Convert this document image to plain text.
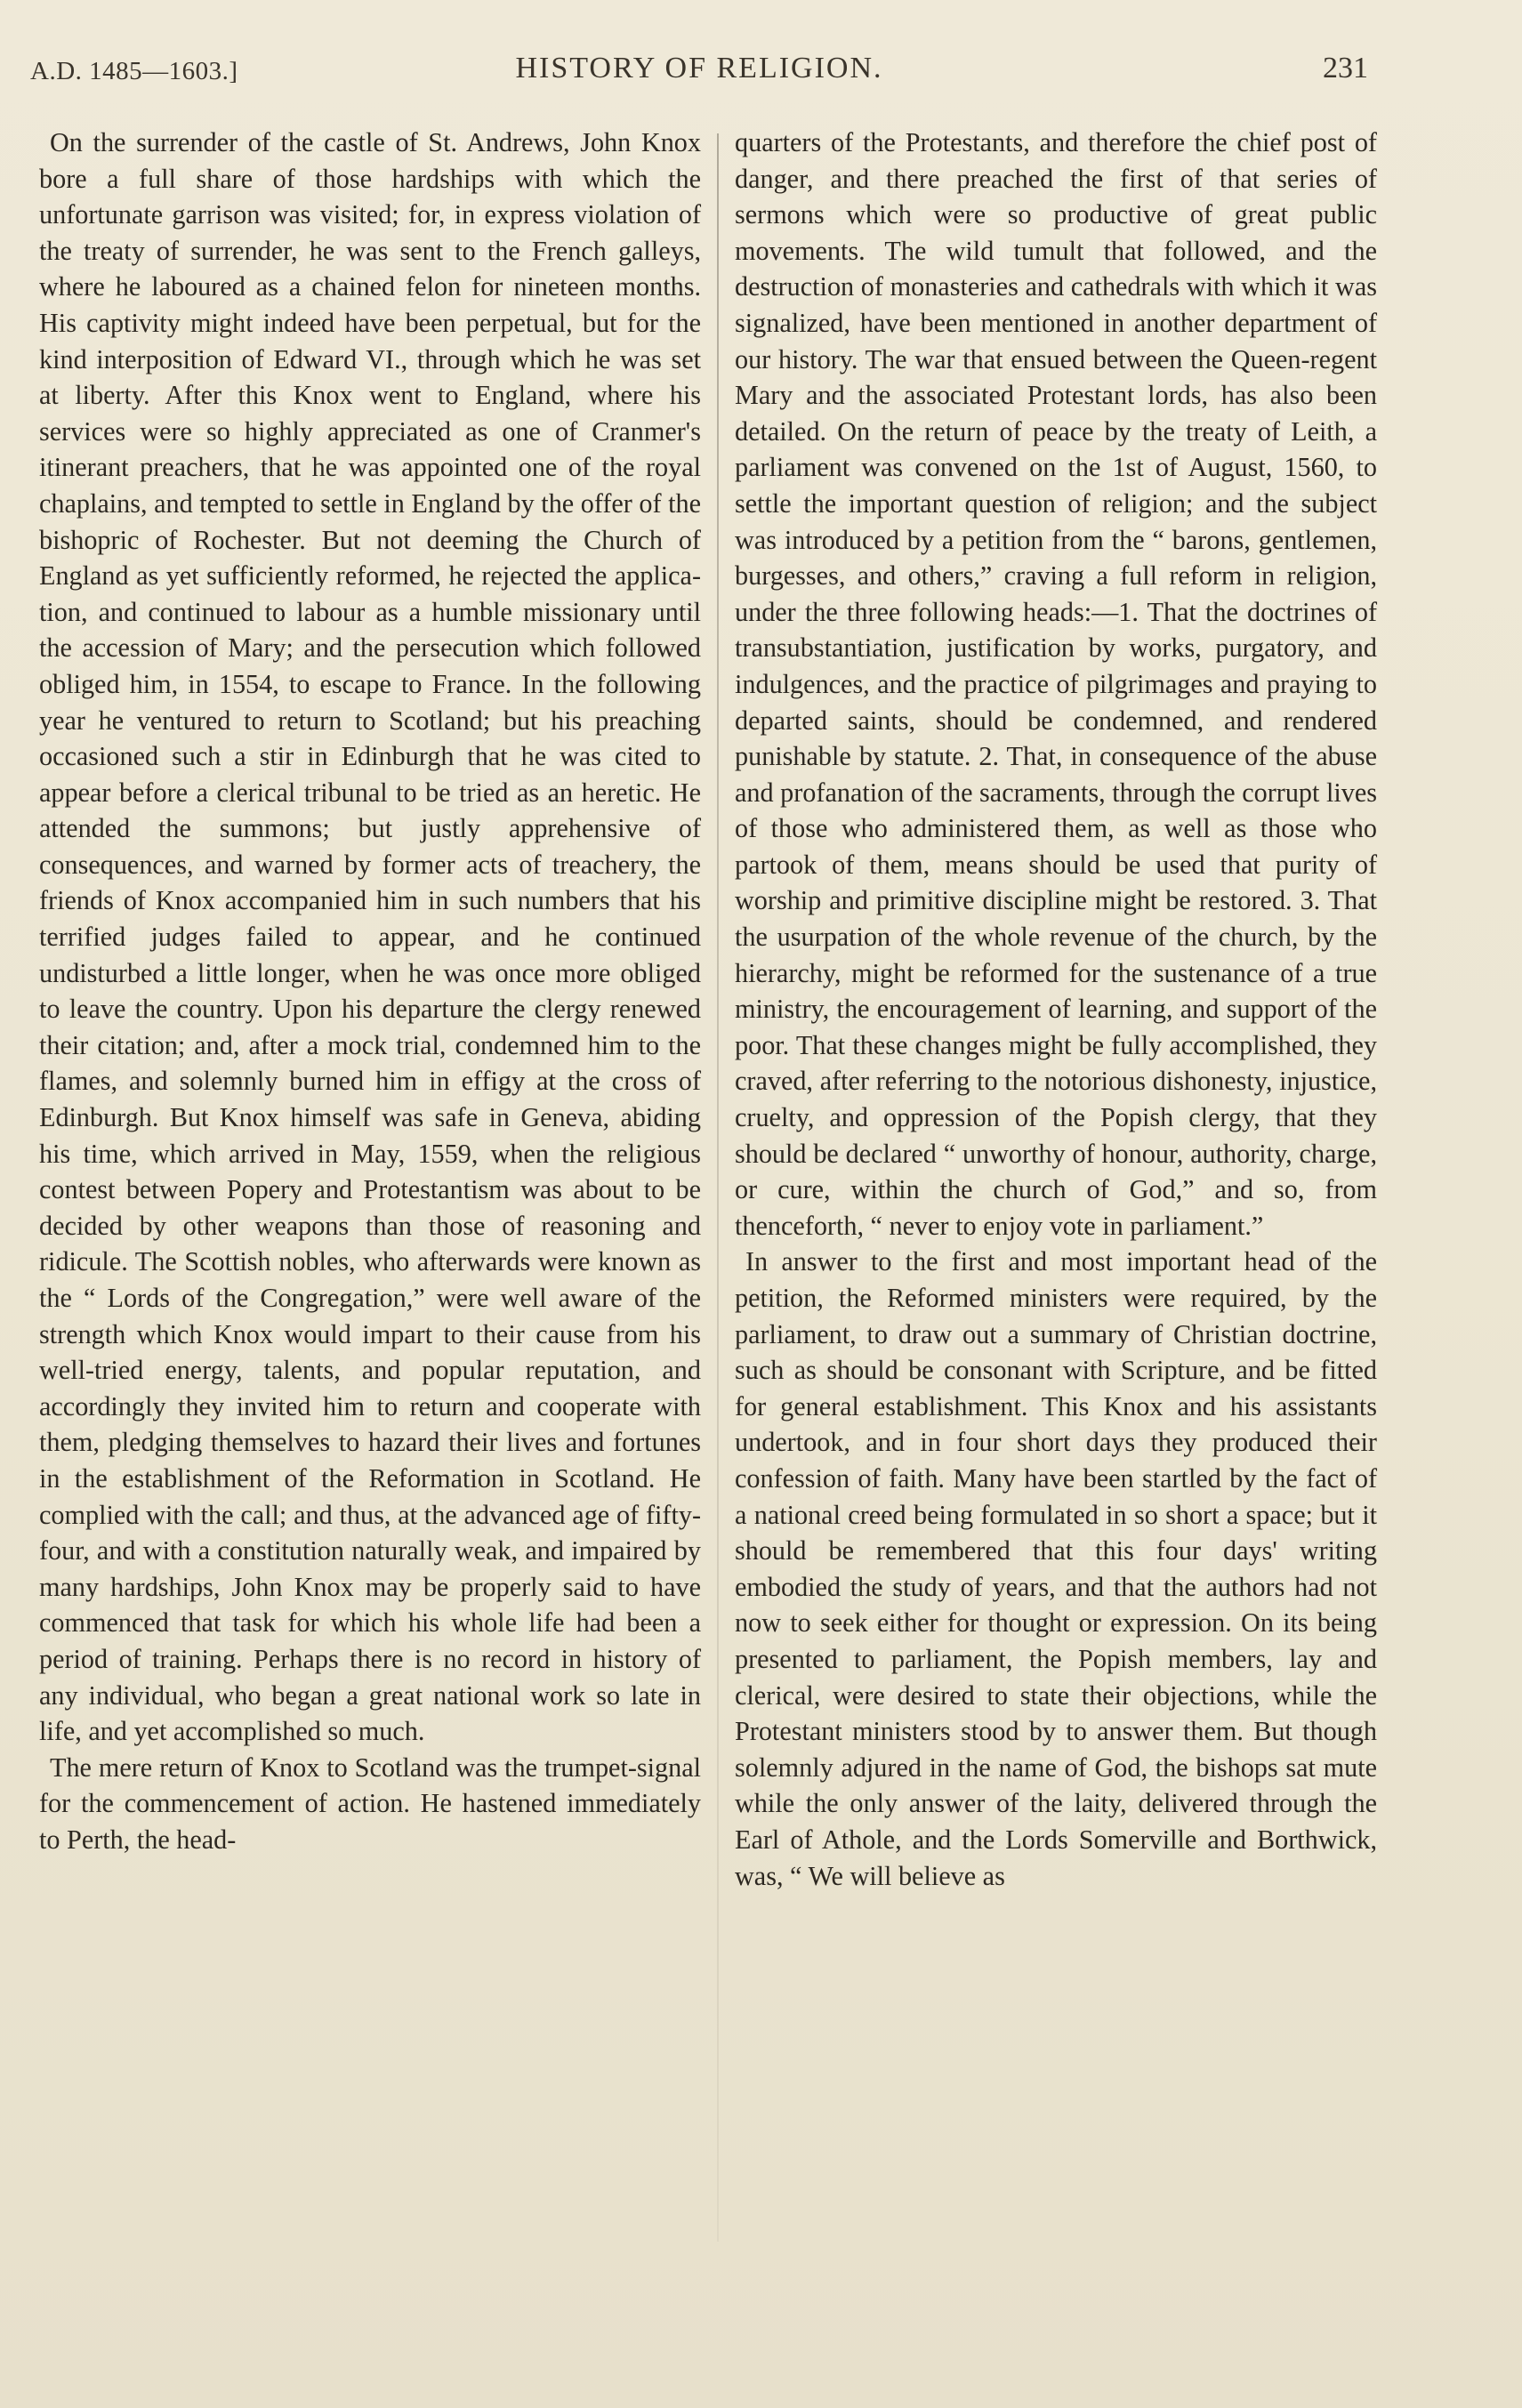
A.D. 1485—1603.]	HISTORY OF RELIGION.	231

On the surrender of the castle of St. Andrews, John Knox bore a full share of those hardships with which the unfortunate garrison was visited; for, in express violation of the treaty of surrender, he was sent to the French galleys, where he laboured as a chained felon for nineteen months. His captivity might indeed have been perpetual, but for the kind interposition of Edward VI., through which he was set at liberty. After this Knox went to England, where his services were so highly appreciated as one of Cranmer's itinerant preachers, that he was appointed one of the royal chaplains, and tempted to settle in England by the offer of the bishopric of Rochester. But not deeming the Church of England as yet sufficiently reformed, he rejected the application, and continued to labour as a humble missionary until the accession of Mary; and the persecution which followed obliged him, in 1554, to escape to France. In the following year he ventured to return to Scotland; but his preaching occasioned such a stir in Edinburgh that he was cited to appear before a clerical tribunal to be tried as an heretic. He attended the summons; but justly apprehensive of consequences, and warned by former acts of treachery, the friends of Knox accompanied him in such numbers that his terrified judges failed to appear, and he continued undisturbed a little longer, when he was once more obliged to leave the country. Upon his departure the clergy renewed their citation; and, after a mock trial, condemned him to the flames, and solemnly burned him in effigy at the cross of Edinburgh. But Knox himself was safe in Geneva, abiding his time, which arrived in May, 1559, when the religious contest between Popery and Protestantism was about to be decided by other weapons than those of reasoning and ridicule. The Scottish nobles, who afterwards were known as the “ Lords of the Congregation,” were well aware of the strength which Knox would impart to their cause from his well-tried energy, talents, and popular reputation, and accordingly they invited him to return and cooperate with them, pledging themselves to hazard their lives and fortunes in the establishment of the Reformation in Scotland. He complied with the call; and thus, at the advanced age of fifty-four, and with a constitution naturally weak, and impaired by many hardships, John Knox may be properly said to have commenced that task for which his whole life had been a period of training. Perhaps there is no record in history of any individual, who began a great national work so late in life, and yet accomplished so much.

The mere return of Knox to Scotland was the trumpet-signal for the commencement of action. He hastened immediately to Perth, the head-

quarters of the Protestants, and therefore the chief post of danger, and there preached the first of that series of sermons which were so productive of great public movements. The wild tumult that followed, and the destruction of monasteries and cathedrals with which it was signalized, have been mentioned in another department of our history. The war that ensued between the Queen-regent Mary and the associated Protestant lords, has also been detailed. On the return of peace by the treaty of Leith, a parliament was convened on the 1st of August, 1560, to settle the important question of religion; and the subject was introduced by a petition from the “ barons, gentlemen, burgesses, and others,” craving a full reform in religion, under the three following heads:—1. That the doctrines of transubstantiation, justification by works, purgatory, and indulgences, and the practice of pilgrimages and praying to departed saints, should be condemned, and rendered punishable by statute. 2. That, in consequence of the abuse and profanation of the sacraments, through the corrupt lives of those who administered them, as well as those who partook of them, means should be used that purity of worship and primitive discipline might be restored. 3. That the usurpation of the whole revenue of the church, by the hierarchy, might be reformed for the sustenance of a true ministry, the encouragement of learning, and support of the poor. That these changes might be fully accomplished, they craved, after referring to the notorious dishonesty, injustice, cruelty, and oppression of the Popish clergy, that they should be declared “ unworthy of honour, authority, charge, or cure, within the church of God,” and so, from thenceforth, “ never to enjoy vote in parliament.”

In answer to the first and most important head of the petition, the Reformed ministers were required, by the parliament, to draw out a summary of Christian doctrine, such as should be consonant with Scripture, and be fitted for general establishment. This Knox and his assistants undertook, and in four short days they produced their confession of faith. Many have been startled by the fact of a national creed being formulated in so short a space; but it should be remembered that this four days' writing embodied the study of years, and that the authors had not now to seek either for thought or expression. On its being presented to parliament, the Popish members, lay and clerical, were desired to state their objections, while the Protestant ministers stood by to answer them. But though solemnly adjured in the name of God, the bishops sat mute while the only answer of the laity, delivered through the Earl of Athole, and the Lords Somerville and Borthwick, was, “ We will believe as
